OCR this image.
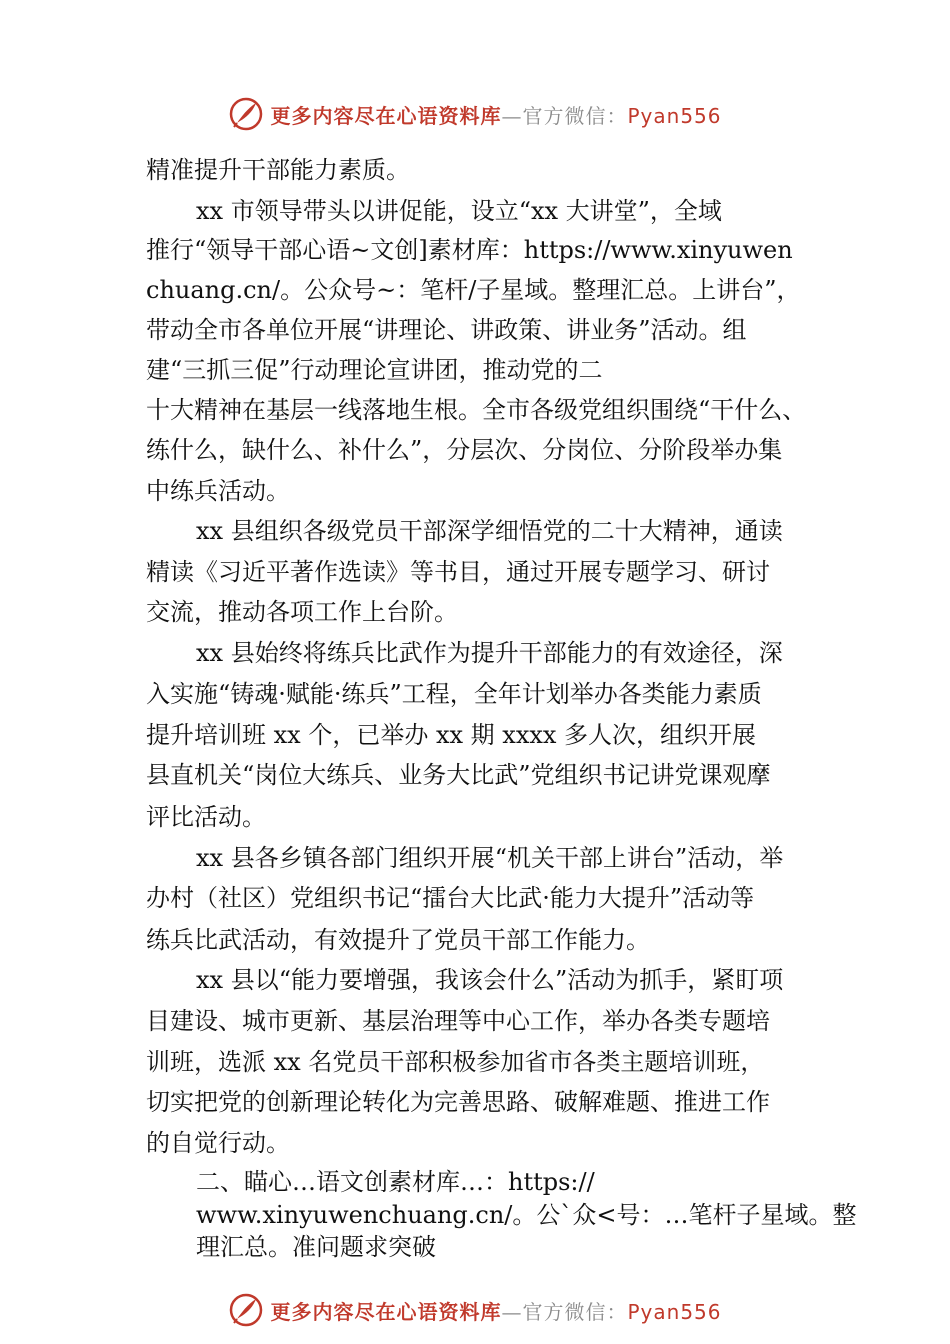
更多内容尽在心语资料库—官方微信：Pyan556
精准提升干部能力素质。
xx 市领导带头以讲促能，设立“xx 大讲堂”，全域
推行“领导干部心语~文创]素材库：https://www.xinyuwen
chuang.cn/。公众号~：笔杆/子星域。整理汇总。上讲台”，
带动全市各单位开展“讲理论、讲政策、讲业务”活动。组
建“三抓三促”行动理论宣讲团，推动党的二
十大精神在基层一线落地生根。全市各级党组织围绕“干什么、
练什么，缺什么、补什么”，分层次、分岗位、分阶段举办集
中练兵活动。
xx 县组织各级党员干部深学细悟党的二十大精神，通读
精读《习近平著作选读》等书目，通过开展专题学习、研讨
交流，推动各项工作上台阶。
xx 县始终将练兵比武作为提升干部能力的有效途径，深
入实施“铸魂·赋能·练兵”工程，全年计划举办各类能力素质
提升培训班 xx 个，已举办 xx 期 xxxx 多人次，组织开展
县直机关“岗位大练兵、业务大比武”党组织书记讲党课观摩
评比活动。
xx 县各乡镇各部门组织开展“机关干部上讲台”活动，举
办村（社区）党组织书记“擂台大比武·能力大提升”活动等
练兵比武活动，有效提升了党员干部工作能力。
xx 县以“能力要增强，我该会什么”活动为抓手，紧盯项
目建设、城市更新、基层治理等中心工作，举办各类专题培
训班，选派 xx 名党员干部积极参加省市各类主题培训班，
切实把党的创新理论转化为完善思路、破解难题、推进工作
的自觉行动。
二、瞄心…语文创素材库…：https://
www.xinyuwenchuang.cn/。公`众<号：…笔杆子星域。整
理汇总。准问题求突破
更多内容尽在心语资料库—官方微信：Pyan556
